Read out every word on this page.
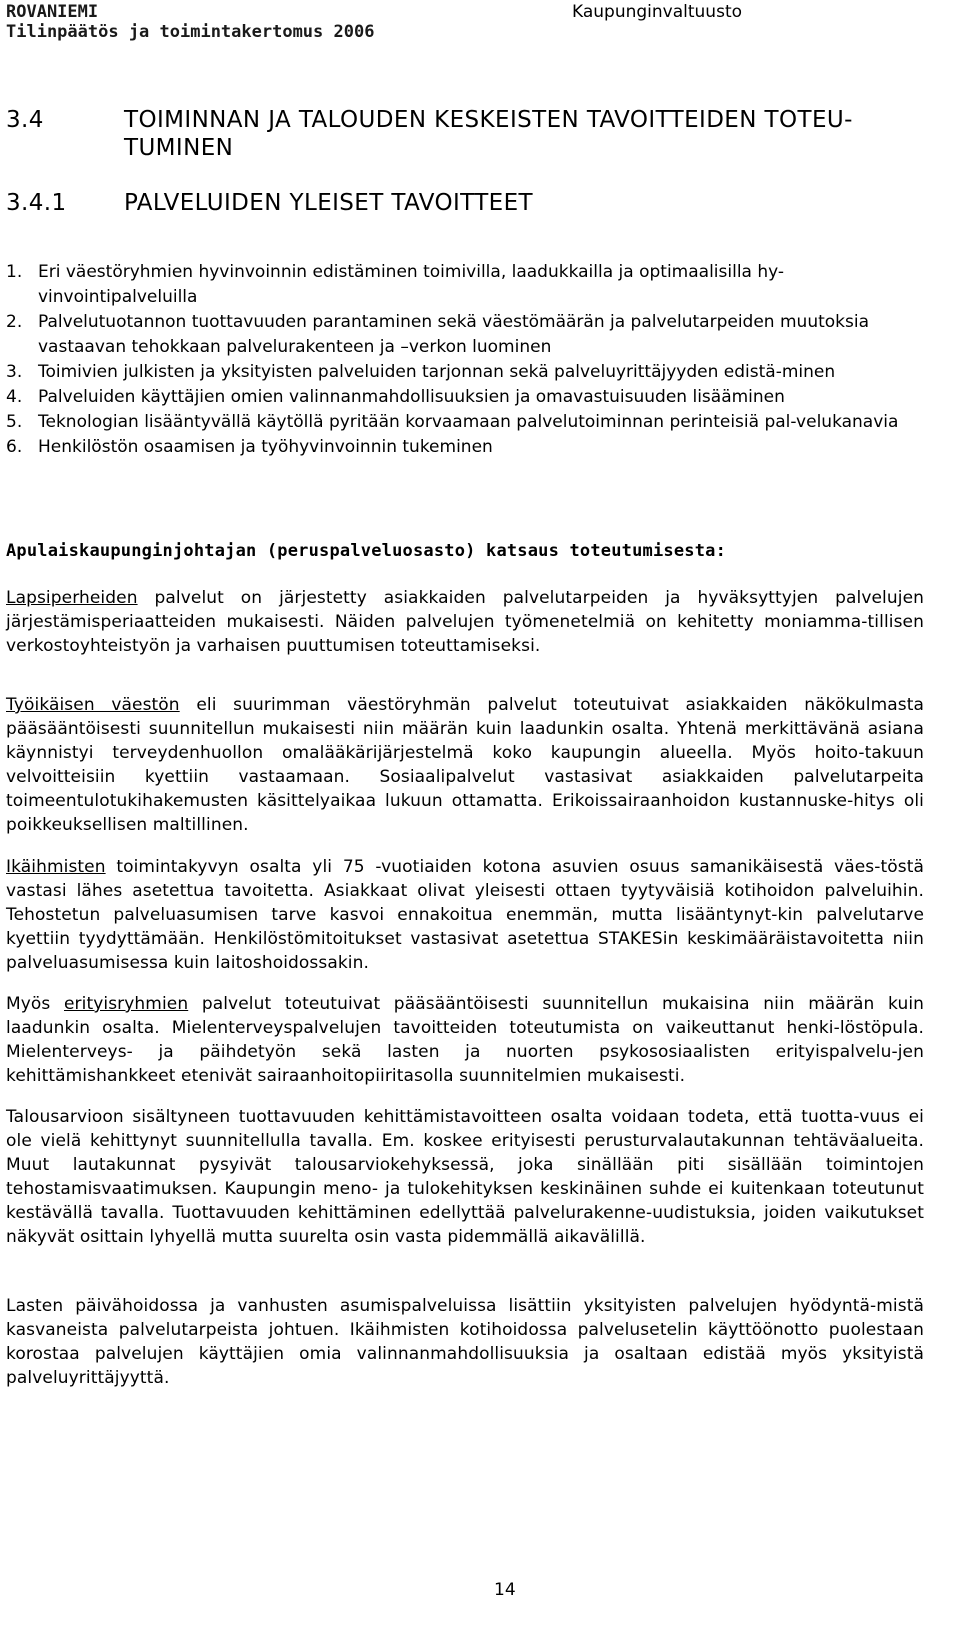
ROVANIEMI
Tilinpäätös ja toimintakertomus 2006
Kaupunginvaltuusto
3.4	TOIMINNAN JA TALOUDEN KESKEISTEN TAVOITTEIDEN TOTEU-
TUMINEN
3.4.1 PALVELUIDEN YLEISET TAVOITTEET
1. Eri väestöryhmien hyvinvoinnin edistäminen toimivilla, laadukkailla ja optimaalisilla hy-vinvointipalveluilla
2. Palvelutuotannon tuottavuuden parantaminen sekä väestömäärän ja palvelutarpeiden muutoksia vastaavan tehokkaan palvelurakenteen ja –verkon luominen
3. Toimivien julkisten ja yksityisten palveluiden tarjonnan sekä palveluyrittäjyyden edistä-minen
4. Palveluiden käyttäjien omien valinnanmahdollisuuksien ja omavastuisuuden lisääminen
5. Teknologian lisääntyvällä käytöllä pyritään korvaamaan palvelutoiminnan perinteisiä pal-velukanavia
6. Henkilöstön osaamisen ja työhyvinvoinnin tukeminen
Apulaiskaupunginjohtajan (peruspalveluosasto) katsaus toteutumisesta:
Lapsiperheiden palvelut on järjestetty asiakkaiden palvelutarpeiden ja hyväksyttyjen palvelujen järjestämisperiaatteiden mukaisesti. Näiden palvelujen työmenetelmiä on kehitetty moniamma-tillisen verkostoyhteistyön ja varhaisen puuttumisen toteuttamiseksi.
Työikäisen väestön eli suurimman väestöryhmän palvelut toteutuivat asiakkaiden näkökulmasta pääsääntöisesti suunnitellun mukaisesti niin määrän kuin laadunkin osalta. Yhtenä merkittävänä asiana käynnistyi terveydenhuollon omalääkärijärjestelmä koko kaupungin alueella. Myös hoito-takuun velvoitteisiin kyettiin vastaamaan. Sosiaalipalvelut vastasivat asiakkaiden palvelutarpeita toimeentulotukihakemusten käsittelyaikaa lukuun ottamatta. Erikoissairaanhoidon kustannuske-hitys oli poikkeuksellisen maltillinen.
Ikäihmisten toimintakyvyn osalta yli 75 -vuotiaiden kotona asuvien osuus samanikäisestä väes-töstä vastasi lähes asetettua tavoitetta. Asiakkaat olivat yleisesti ottaen tyytyväisiä kotihoidon palveluihin. Tehostetun palveluasumisen tarve kasvoi ennakoitua enemmän, mutta lisääntynyt-kin palvelutarve kyettiin tyydyttämään. Henkilöstömitoitukset vastasivat asetettua STAKESin keskimääräistavoitetta niin palveluasumisessa kuin laitoshoidossakin.
Myös erityisryhmien palvelut toteutuivat pääsääntöisesti suunnitellun mukaisina niin määrän kuin laadunkin osalta. Mielenterveyspalvelujen tavoitteiden toteutumista on vaikeuttanut henki-löstöpula. Mielenterveys- ja päihdetyön sekä lasten ja nuorten psykososiaalisten erityispalvelu-jen kehittämishankkeet etenivät sairaanhoitopiiritasolla suunnitelmien mukaisesti.
Talousarvioon sisältyneen tuottavuuden kehittämistavoitteen osalta voidaan todeta, että tuotta-vuus ei ole vielä kehittynyt suunnitellulla tavalla. Em. koskee erityisesti perusturvalautakunnan tehtäväalueita. Muut lautakunnat pysyivät talousarviokehyksessä, joka sinällään piti sisällään toimintojen tehostamisvaatimuksen. Kaupungin meno- ja tulokehityksen keskinäinen suhde ei kuitenkaan toteutunut kestävällä tavalla. Tuottavuuden kehittäminen edellyttää palvelurakenne-uudistuksia, joiden vaikutukset näkyvät osittain lyhyellä mutta suurelta osin vasta pidemmällä aikavälillä.
Lasten päivähoidossa ja vanhusten asumispalveluissa lisättiin yksityisten palvelujen hyödyntä-mistä kasvaneista palvelutarpeista johtuen. Ikäihmisten kotihoidossa palvelusetelin käyttöönotto puolestaan korostaa palvelujen käyttäjien omia valinnanmahdollisuuksia ja osaltaan edistää myös yksityistä palveluyrittäjyyttä.
14
